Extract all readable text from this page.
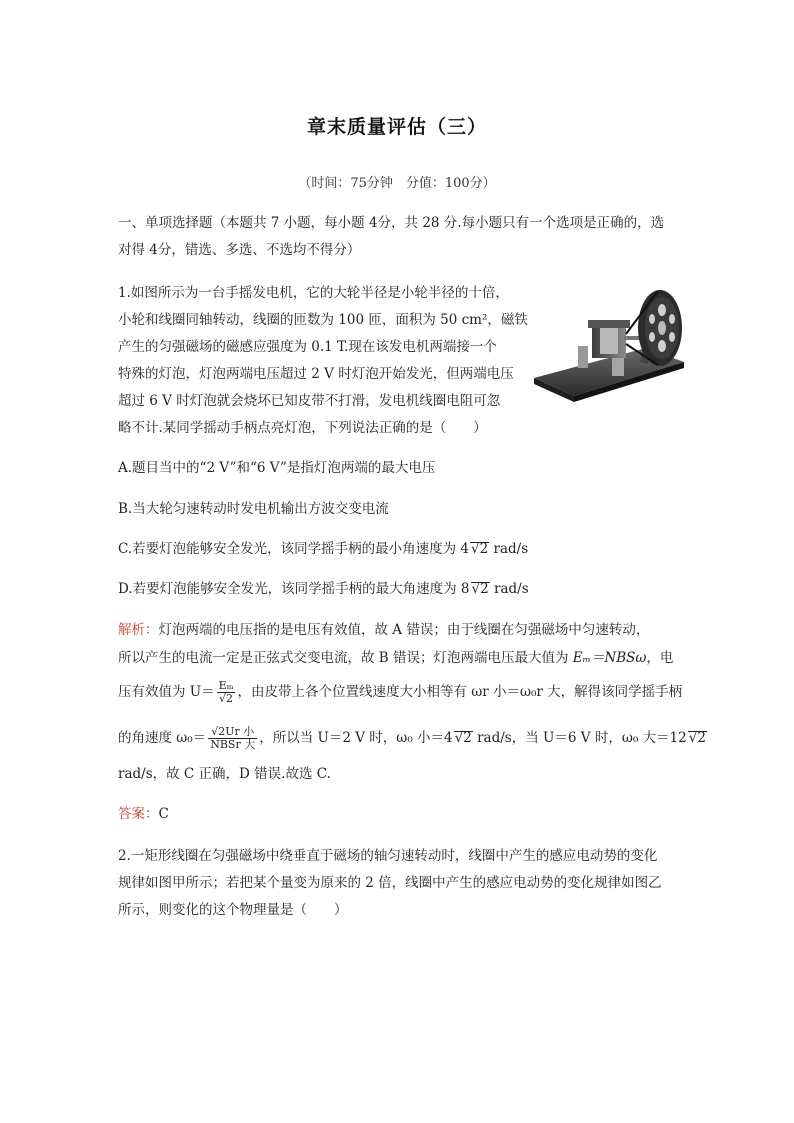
章末质量评估（三）
（时间：75分钟　分值：100分）
一、单项选择题（本题共 7 小题，每小题 4分，共 28 分.每小题只有一个选项是正确的，选
对得 4分，错选、多选、不选均不得分）
1.如图所示为一台手摇发电机，它的大轮半径是小轮半径的十倍，
小轮和线圈同轴转动，线圈的匝数为 100 匝，面积为 50 cm²，磁铁
产生的匀强磁场的磁感应强度为 0.1 T.现在该发电机两端接一个
特殊的灯泡，灯泡两端电压超过 2 V 时灯泡开始发光，但两端电压
超过 6 V 时灯泡就会烧坏已知皮带不打滑，发电机线圈电阻可忽
略不计.某同学摇动手柄点亮灯泡，下列说法正确的是（　　）
A.题目当中的“2 V”和“6 V”是指灯泡两端的最大电压
B.当大轮匀速转动时发电机输出方波交变电流
C.若要灯泡能够安全发光，该同学摇手柄的最小角速度为 4 √2 rad/s
D.若要灯泡能够安全发光，该同学摇手柄的最大角速度为 8 √2 rad/s
解析：灯泡两端的电压指的是电压有效值，故 A 错误；由于线圈在匀强磁场中匀速转动，
所以产生的电流一定是正弦式交变电流，故 B 错误；灯泡两端电压最大值为 Eₘ＝NBSω，电
压有效值为 $U= \frac{\text{Eₘ}}{√2}$ ，由皮带上各个位置线速度大小相等有 ωr 小＝ω₀r 大，解得该同学摇手柄
的角速度 $\omega_0= \frac{\text{√2Ur 小}}{\text{NBSr 大}}$ ，所以当 U＝2 V 时，ω₀ 小＝4 √2 rad/s，当 U＝6 V 时，ω₀ 大＝12 √2
rad/s，故 C 正确，D 错误.故选 C.
答案：C
2.一矩形线圈在匀强磁场中绕垂直于磁场的轴匀速转动时，线圈中产生的感应电动势的变化
规律如图甲所示；若把某个量变为原来的 2 倍，线圈中产生的感应电动势的变化规律如图乙
所示，则变化的这个物理量是（　　）
